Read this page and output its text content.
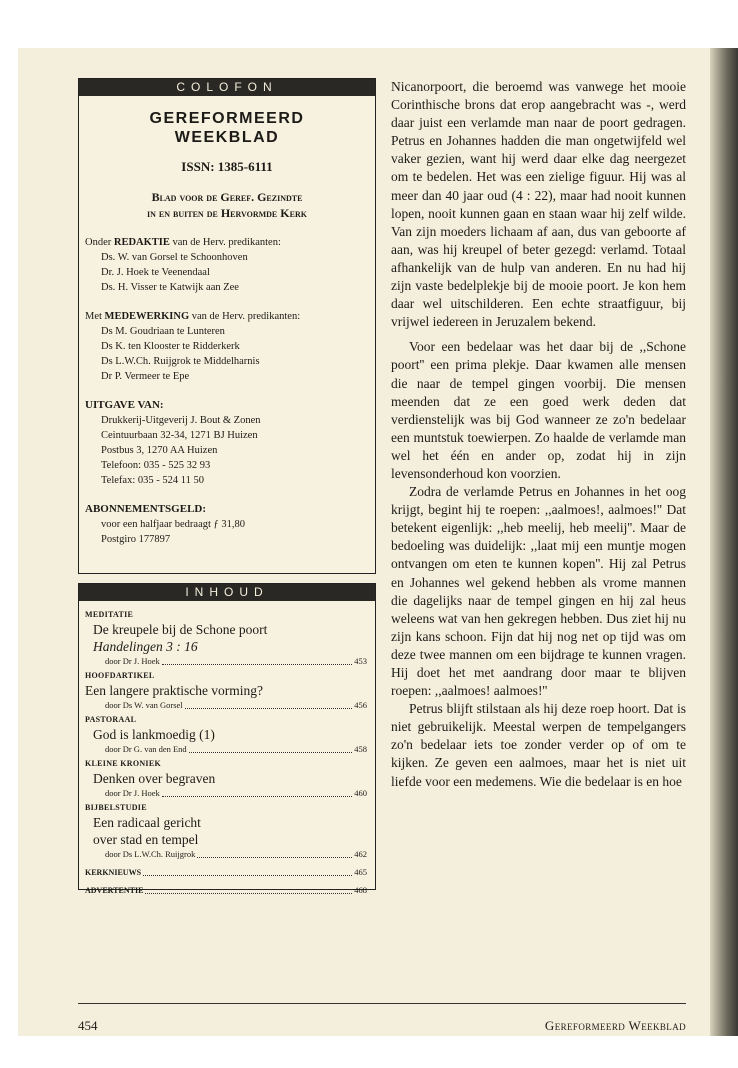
COLOFON
GEREFORMEERD
WEEKBLAD
ISSN: 1385-6111
Blad voor de Geref. Gezindte
in en buiten de Hervormde Kerk
Onder REDAKTIE van de Herv. predikanten:
Ds. W. van Gorsel te Schoonhoven
Dr. J. Hoek te Veenendaal
Ds. H. Visser te Katwijk aan Zee
Met MEDEWERKING van de Herv. predikanten:
Ds M. Goudriaan te Lunteren
Ds K. ten Klooster te Ridderkerk
Ds L.W.Ch. Ruijgrok te Middelharnis
Dr P. Vermeer te Epe
UITGAVE VAN:
Drukkerij-Uitgeverij J. Bout & Zonen
Ceintuurbaan 32-34, 1271 BJ Huizen
Postbus 3, 1270 AA Huizen
Telefoon: 035 - 525 32 93
Telefax: 035 - 524 11 50
ABONNEMENTSGELD:
voor een halfjaar bedraagt ƒ 31,80
Postgiro 177897
INHOUD
MEDITATIE
De kreupele bij de Schone poort
Handelingen 3 : 16
door Dr J. Hoek	453
HOOFDARTIKEL
Een langere praktische vorming?
door Ds W. van Gorsel	456
PASTORAAL
God is lankmoedig (1)
door Dr G. van den End	458
KLEINE KRONIEK
Denken over begraven
door Dr J. Hoek	460
BIJBELSTUDIE
Een radicaal gericht
over stad en tempel
door Ds L.W.Ch. Ruijgrok	462
KERKNIEUWS	465
ADVERTENTIE	468

Nicanorpoort, die beroemd was vanwege het mooie Corinthische brons dat erop aangebracht was -, werd daar juist een verlamde man naar de poort gedragen. Petrus en Johannes hadden die man ongetwijfeld wel vaker gezien, want hij werd daar elke dag neergezet om te bedelen. Het was een zielige figuur. Hij was al meer dan 40 jaar oud (4 : 22), maar had nooit kunnen lopen, nooit kunnen gaan en staan waar hij zelf wilde. Van zijn moeders lichaam af aan, dus van geboorte af aan, was hij kreupel of beter gezegd: verlamd. Totaal afhankelijk van de hulp van anderen. En nu had hij zijn vaste bedelplekje bij de mooie poort. Je kon hem daar wel uitschilderen. Een echte straatfiguur, bij vrijwel iedereen in Jeruzalem bekend.

Voor een bedelaar was het daar bij de ,,Schone poort'' een prima plekje. Daar kwamen alle mensen die naar de tempel gingen voorbij. Die mensen meenden dat ze een goed werk deden dat verdienstelijk was bij God wanneer ze zo'n bedelaar een muntstuk toewierpen. Zo haalde de verlamde man wel het één en ander op, zodat hij in zijn levensonderhoud kon voorzien.

Zodra de verlamde Petrus en Johannes in het oog krijgt, begint hij te roepen: ,,aalmoes!, aalmoes!'' Dat betekent eigenlijk: ,,heb meelij, heb meelij''. Maar de bedoeling was duidelijk: ,,laat mij een muntje mogen ontvangen om eten te kunnen kopen''. Hij zal Petrus en Johannes wel gekend hebben als vrome mannen die dagelijks naar de tempel gingen en hij zal heus weleens wat van hen gekregen hebben. Dus ziet hij nu zijn kans schoon. Fijn dat hij nog net op tijd was om deze twee mannen om een bijdrage te kunnen vragen. Hij doet het met aandrang door maar te blijven roepen: ,,aalmoes! aalmoes!''

Petrus blijft stilstaan als hij deze roep hoort. Dat is niet gebruikelijk. Meestal werpen de tempelgangers zo'n bedelaar iets toe zonder verder op of om te kijken. Ze geven een aalmoes, maar het is niet uit liefde voor een medemens. Wie die bedelaar is en hoe

454	Gereformeerd Weekblad
